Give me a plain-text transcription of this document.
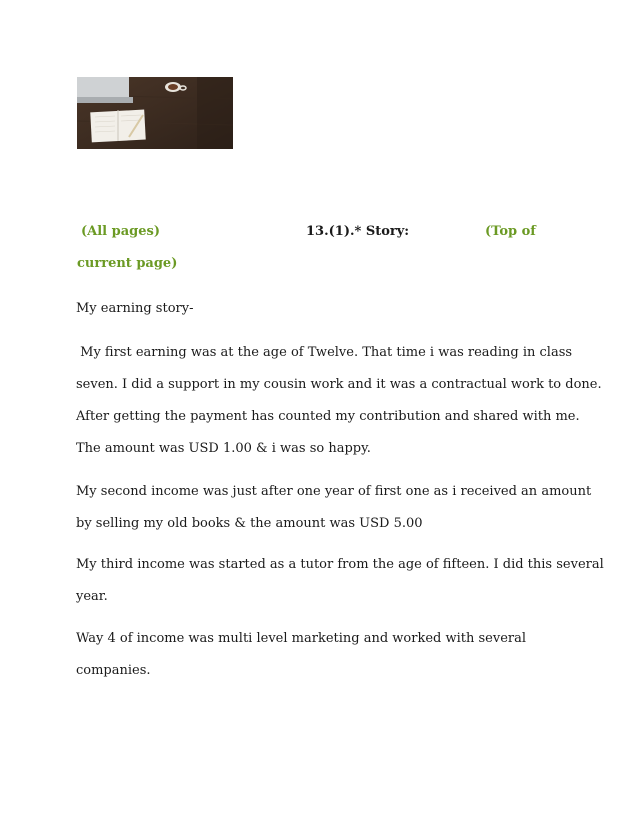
(All pages)	13.(1).* Story:	(Top of
current page)
My earning story-
My first earning was at the age of Twelve. That time i was reading in class
seven. I did a support in my cousin work and it was a contractual work to done.
After getting the payment has counted my contribution and shared with me.
The amount was USD 1.00 & i was so happy.
My second income was just after one year of first one as i received an amount
by selling my old books & the amount was USD 5.00
My third income was started as a tutor from the age of fifteen. I did this several
year.
Way 4 of income was multi level marketing and worked with several
companies.
